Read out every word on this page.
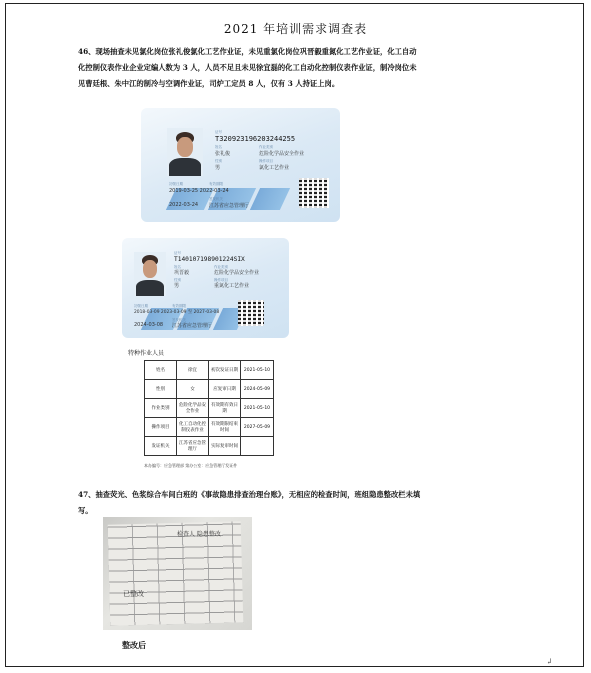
2021 年培训需求调查表
46、现场抽查未见氯化岗位张礼俊氯化工艺作业证，未见重氯化岗位巩晋毅重氮化工艺作业证，化工自动
化控制仪表作业企业定编人数为 3 人，人员不足且未见徐宜磊的化工自动化控制仪表作业证，制冷岗位未
见曹廷根、朱中江的制冷与空调作业证，司炉工定员 8 人，仅有 3 人持证上岗。
证号
T320923196203244255
姓名
张礼俊
作业类别
危险化学品安全作业
性别
男
操作项目
氯化工艺作业
初领日期	有效期限
2019-03-25 2022-03-24
2022-03-24
签发机关
江苏省应急管理厅
证号
T140107198901224SIX
姓名
巩晋毅
作业类别
危险化学品安全作业
性别
男
操作项目
重氮化工艺作业
初领日期	有效期限
2018-03-09 2023-03-09 至 2027-03-08
2024-03-08
签发机关
江苏省应急管理厅
特种作业人员
姓名	徐宜	初次发证日期	2021-05-10
性别	女	应复审日期	2024-05-09
作业类别	危险化学品安全作业	有效期有效日期	2021-05-10
操作项目	化工自动化控制仪表作业	有效期限结束时间	2027-05-09
发证机关	江苏省应急管理厅	实际复审时间	
本办编号：应急管理部 第办公室：应急管理厅发证件
47、抽查荧光、色浆综合车间白班的《事故隐患排查治理台账》，无相应的检查时间，班组隐患整改栏未填
写。
检查人 隐患整改
已整改
整改后
↲
